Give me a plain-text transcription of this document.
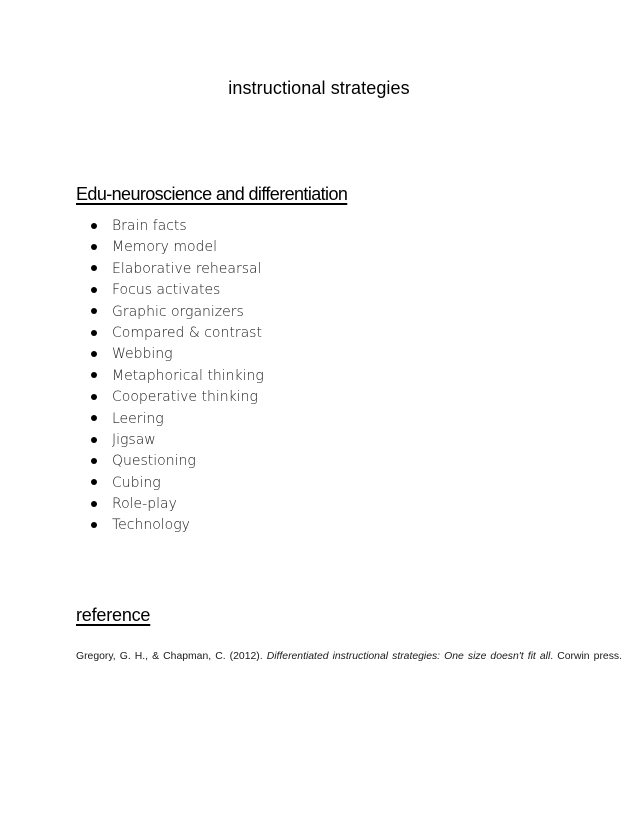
instructional strategies
Edu-neuroscience and differentiation
Brain facts
Memory model
Elaborative rehearsal
Focus activates
Graphic organizers
Compared & contrast
Webbing
Metaphorical thinking
Cooperative thinking
Leering
Jigsaw
Questioning
Cubing
Role-play
Technology
reference
Gregory, G. H., & Chapman, C. (2012). Differentiated instructional strategies: One size doesn't fit all. Corwin press.
